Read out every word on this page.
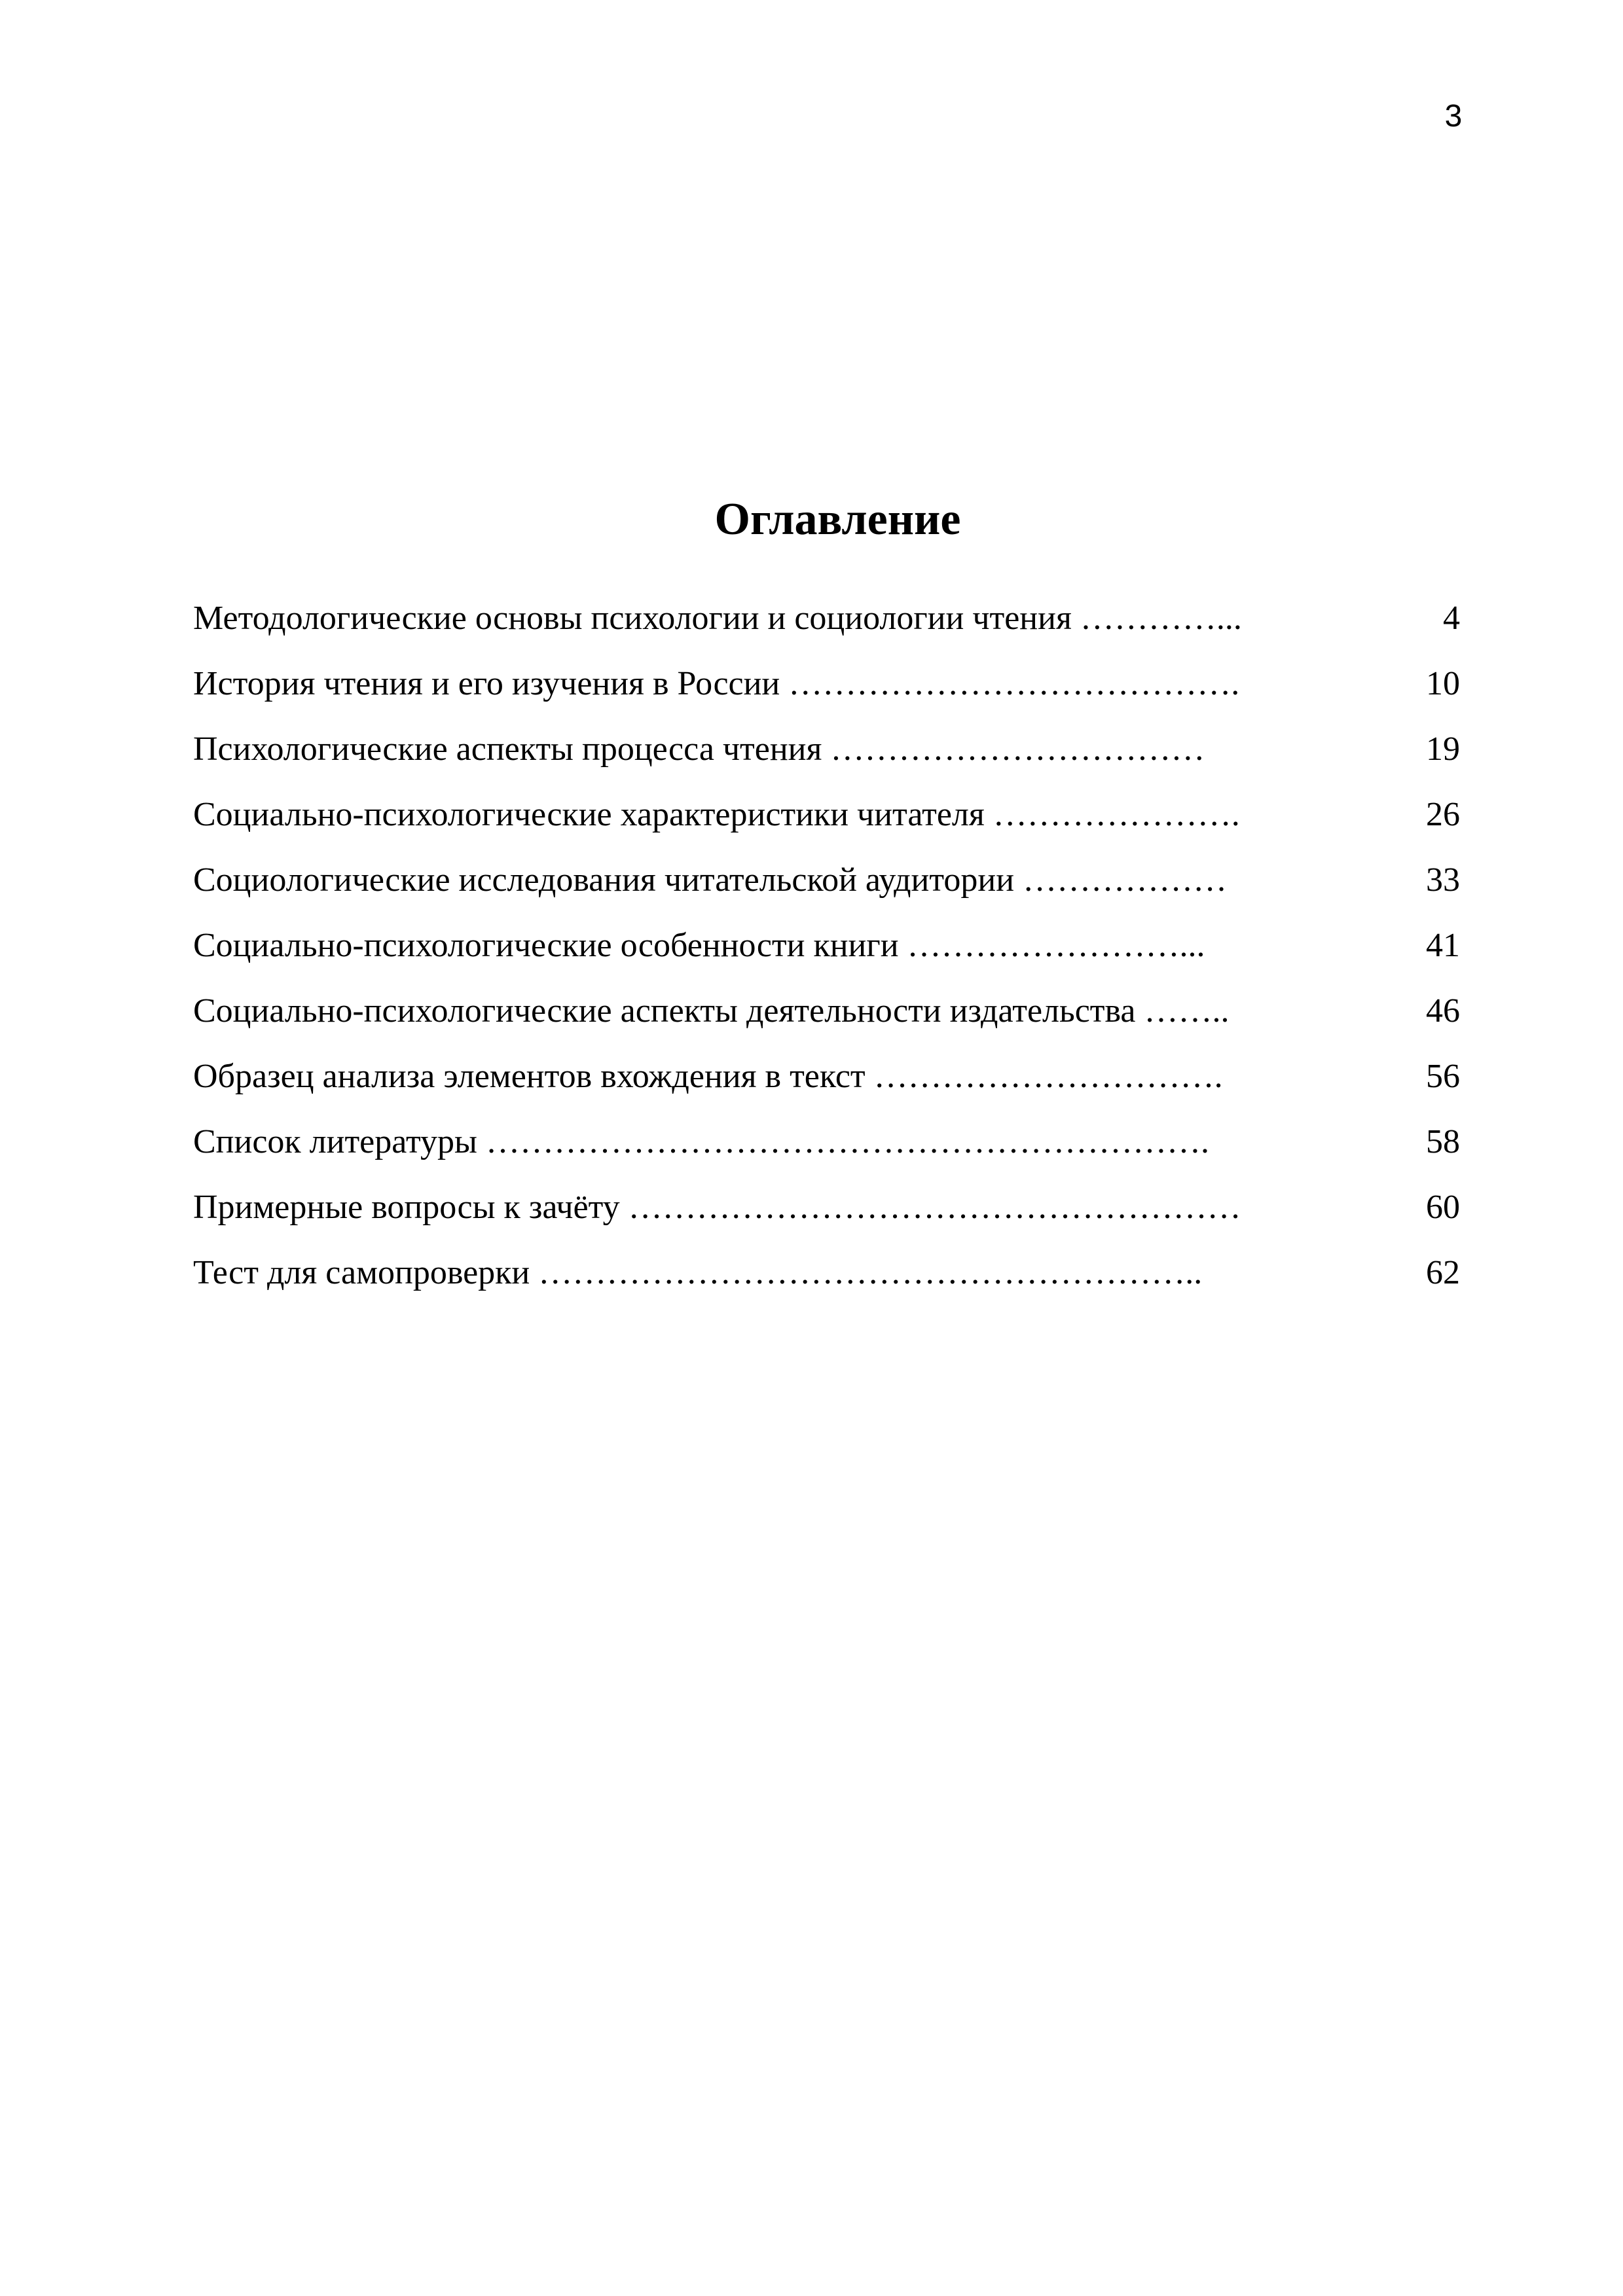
3
Оглавление
Методологические основы психологии и социологии чтения …………...	4
История чтения и его изучения в России ………………………………….	10
Психологические аспекты процесса чтения ……………………………	19
Социально-психологические характеристики читателя ………………….	26
Социологические исследования читательской аудитории ………………	33
Социально-психологические особенности книги ……………………...	41
Социально-психологические аспекты деятельности издательства ……..	46
Образец анализа элементов вхождения в текст ………………………….	56
Список литературы ……………………………………………………….	58
Примерные вопросы к зачёту ………………………………………………	60
Тест для самопроверки …………………………………………………..	62
